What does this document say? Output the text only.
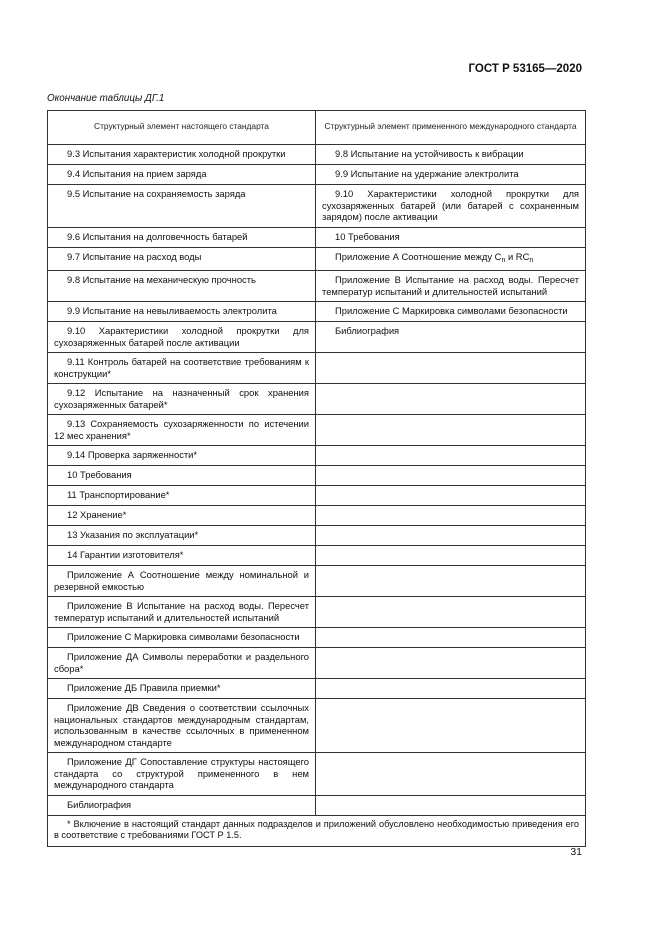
ГОСТ Р 53165—2020
Окончание таблицы ДГ.1
Структурный элемент настоящего стандарта	Структурный элемент примененного международного стандарта
9.3 Испытания характеристик холодной прокрутки	9.8 Испытание на устойчивость к вибрации
9.4 Испытания на прием заряда	9.9 Испытание на удержание электролита
9.5 Испытание на сохраняемость заряда	9.10 Характеристики холодной прокрутки для сухозаряженных батарей (или батарей с сохраненным зарядом) после активации
9.6 Испытания на долговечность батарей	10 Требования
9.7 Испытание на расход воды	Приложение А Соотношение между $C_n$ и $RC_n$
9.8 Испытание на механическую прочность	Приложение В Испытание на расход воды. Пересчет температур испытаний и длительностей испытаний
9.9 Испытание на невыливаемость электролита	Приложение С Маркировка символами безопасности
9.10 Характеристики холодной прокрутки для сухозаряженных батарей после активации	Библиография
9.11 Контроль батарей на соответствие требованиям к конструкции*	
9.12 Испытание на назначенный срок хранения сухозаряженных батарей*	
9.13 Сохраняемость сухозаряженности по истечении 12 мес хранения*	
9.14 Проверка заряженности*	
10 Требования	
11 Транспортирование*	
12 Хранение*	
13 Указания по эксплуатации*	
14 Гарантии изготовителя*	
Приложение А Соотношение между номинальной и резервной емкостью	
Приложение В Испытание на расход воды. Пересчет температур испытаний и длительностей испытаний	
Приложение С Маркировка символами безопасности	
Приложение ДА Символы переработки и раздельного сбора*	
Приложение ДБ Правила приемки*	
Приложение ДВ Сведения о соответствии ссылочных национальных стандартов международным стандартам, использованным в качестве ссылочных в примененном международном стандарте	
Приложение ДГ Сопоставление структуры настоящего стандарта со структурой примененного в нем международного стандарта	
Библиография	
* Включение в настоящий стандарт данных подразделов и приложений обусловлено необходимостью приведения его в соответствие с требованиями ГОСТ Р 1.5.	
31
